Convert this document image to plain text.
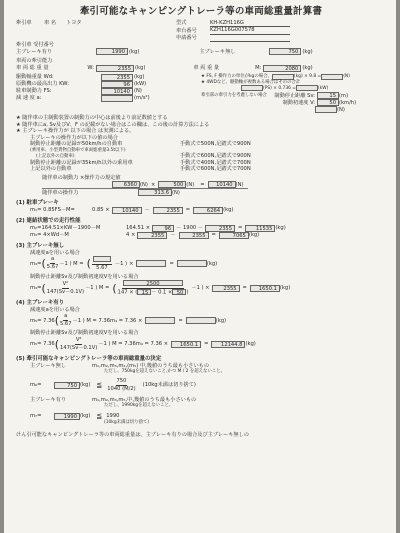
牽引可能なキャンピングトレーラ等の車両総重量計算書
牽引車	車 名	トヨタ	型式	KH-KZH116G
車台番号	KZH116G007578
申請番号
牽引車 受付番号
主ブレーキ有り	1990 (kg)	主ブレーキ無し	750 (kg)
車両の牽引能力
車 両 総 重 量	W:	2355 (kg)	車 両 重 量	M:	2080 (kg)
駆動軸重量 Wd:	2355 (kg)
原動機の最高出力 KW:	96 (kW)
駐車制動力 FS:	10140 (N)
減 速 度 a:	(m/s²)
★ FS, F 操作力の単位がkgの場合、	(kg) × 9.8 =	(N)
★ 4WDなど、駆動軸が複数ある場合はそのの合計
(PS) × 0.736 =	(kW)
牽引部の牽引力を考慮しない場合	制動停止距離 Sv:	15 (m)
制動初速度 V:	50 (km/h)
(N)
★ 随伴車の主制動装置の制動力の中心は前後より前記数値とする
★ 随伴車にa, Sv及びV、F の記載がない場合はこの欄は、この後の計算方法による
★ 主ブレーキ操作力が 以下の場合 は実測による。
主ブレーキの操作力が以下の値の場合
制動停止距離の記録が50km/hの自動車	手動式で500N,足踏式で900N
(乗用車、小型貨物自動車で車両総重量3.5t以下)
(上記以外の自動車)	手動式で600N,足踏式で900N
制動停止距離の記録が35km/h以外の乗用車	手動式で400N,足踏式で700N
上記以外の自動車	手動式で600N,足踏式で700N
随伴車の制動力 ×操作力の規定値
6360 (N) ×	500 (N) =	10140 (N)
随伴車の操作力	313.6 (N)
(1) 駐車ブレーキ
m₁= 0.85FS－M=	0.85 ×	10140	－	2355	=	6264 (kg)
(2) 連結状態での走行性能
m₂=164.51×KW－1900－M	164.51 ×	96 － 1900 －	2355	=	11535 (kg)
m₃= 4×Wd－M	4 ×	2355	－	2355	=	7065 (kg)
(3) 主ブレーキ無し
減速度aを用いる場合
m₄= ( $\frac{a}{5.67} -1$ ) M = ( 5.67
－1 ) ×	=	(kg)
制動停止距離Sv及び制動初速度Vを用いる場合
m₄= ( $\frac{\text{V²}}{147(Sv-0.1V)} -1$ ) M = ( $\frac{2500}{147 \times ( 15 - 0.1 \times 50 )} -1$ ) ×	2355	=	1650.1 (kg)
(4) 主ブレーキ有り
減速度aを用いる場合
m₅= 7.36 ( $\frac{a}{5.67} -1$ ) M = 7.36m₄ = 7.36 ×	=	(kg)
制動停止距離Sv及び制動初速度Vを用いる場合
m₅= 7.36 ( $\frac{\text{V²}}{147(Sv-0.1V)} -1$ ) M = 7.36m₄ = 7.36 ×	1650.1	=	12144.8 (kg)
(5) 牽引可能なキャンピングトレーラ等の車両総重量の決定
主ブレーキ無し	m₁,m₂,m₃,m₄,(m₅) 中,幾値のうち最も小さいもの
ただし、750kgを超えないこと,かつ M / 2 を超えないこと。
m₆=	750 (kg) ≦ $\frac{750}{1040 (M/2)} (10kg$未満は切り捨て)
主ブレーキ有り	m₁,m₂,m₃,m₅,中,幾値のうち最も小さいもの
ただし、1990kgを超えないこと。
m₇=	1990 (kg) ≦ 1990
(10kg未満は切り捨て)
けん引可能なキャンピングトレーラ等の車両総重量は、主ブレーキ有りの場合及び主ブレーキ無しの
